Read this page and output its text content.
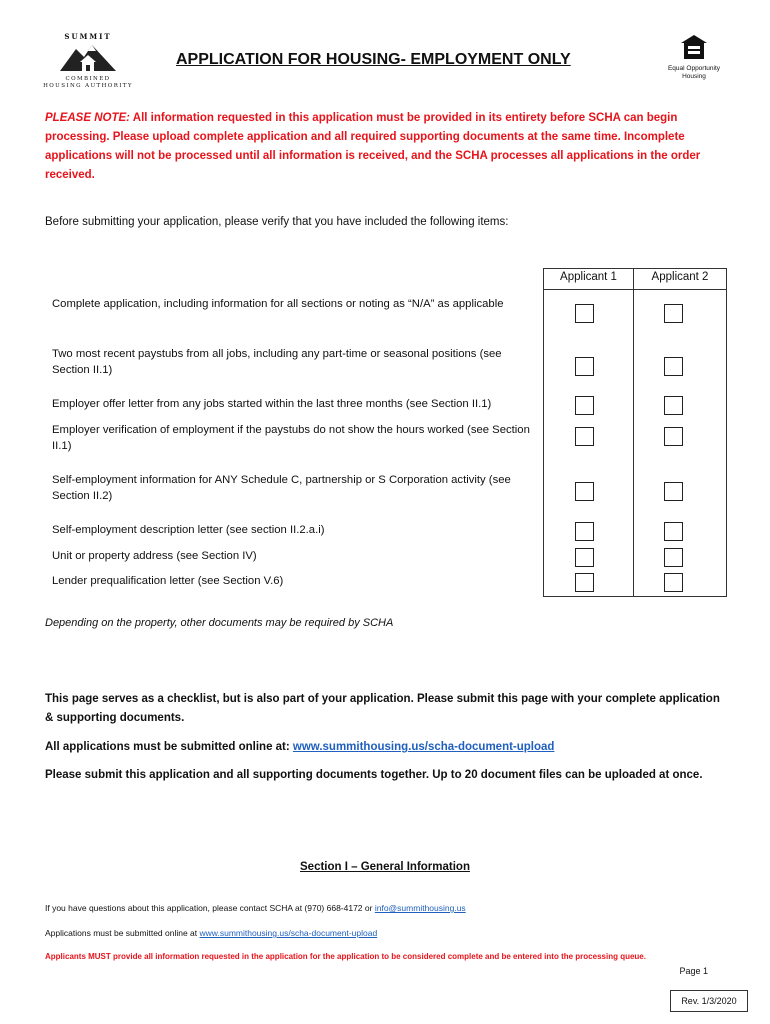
SUMMIT
COMBINED
HOUSING AUTHORITY
APPLICATION FOR HOUSING- EMPLOYMENT ONLY
Equal Opportunity
Housing
PLEASE NOTE: All information requested in this application must be provided in its entirety before SCHA can begin processing. Please upload complete application and all required supporting documents at the same time. Incomplete applications will not be processed until all information is received, and the SCHA processes all applications in the order received.
Before submitting your application, please verify that you have included the following items:
Applicant 1	Applicant 2
Complete application, including information for all sections or noting as “N/A” as applicable
Two most recent paystubs from all jobs, including any part-time or seasonal positions (see Section II.1)
Employer offer letter from any jobs started within the last three months (see Section II.1)
Employer verification of employment if the paystubs do not show the hours worked (see Section II.1)
Self-employment information for ANY Schedule C, partnership or S Corporation activity (see Section II.2)
Self-employment description letter (see section II.2.a.i)
Unit or property address (see Section IV)
Lender prequalification letter (see Section V.6)
Depending on the property, other documents may be required by SCHA
This page serves as a checklist, but is also part of your application. Please submit this page with your complete application & supporting documents.
All applications must be submitted online at: www.summithousing.us/scha-document-upload
Please submit this application and all supporting documents together. Up to 20 document files can be uploaded at once.
Section I – General Information
If you have questions about this application, please contact SCHA at (970) 668-4172 or info@summithousing.us
Applications must be submitted online at www.summithousing.us/scha-document-upload
Applicants MUST provide all information requested in the application for the application to be considered complete and be entered into the processing queue.
Page 1
Rev. 1/3/2020
